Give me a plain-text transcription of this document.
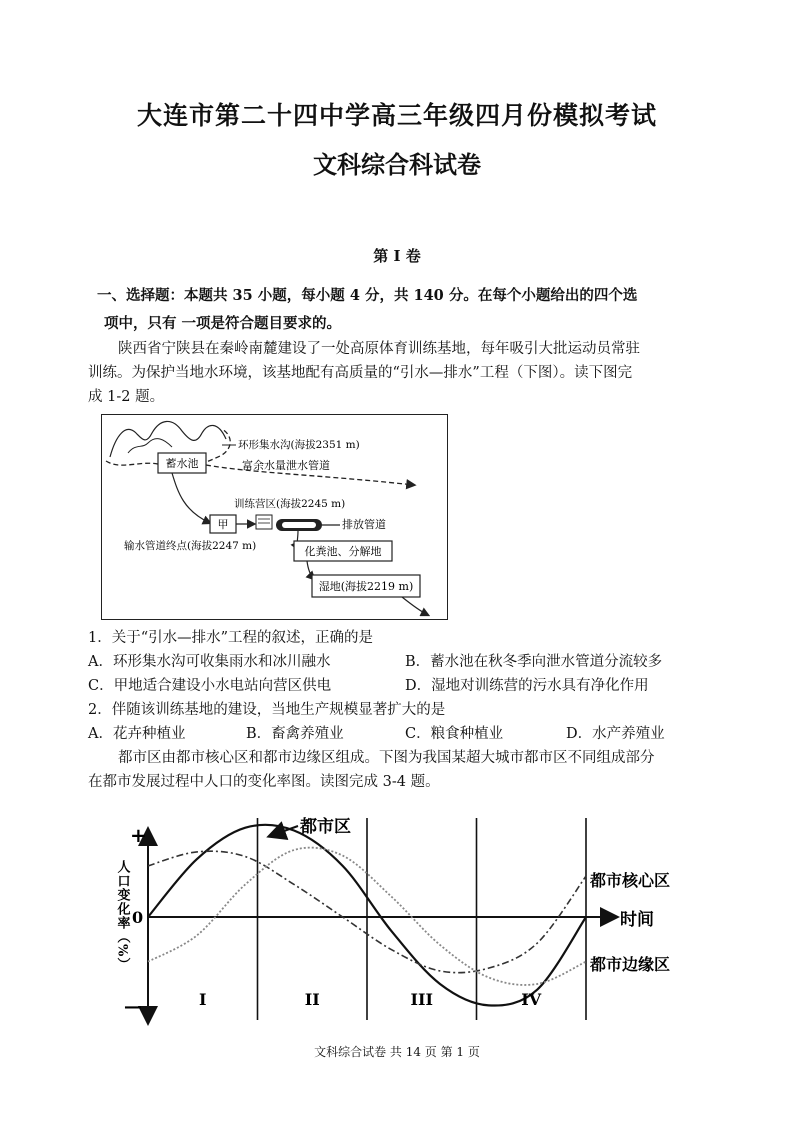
大连市第二十四中学高三年级四月份模拟考试
文科综合科试卷
第 I 卷
一、选择题：本题共 35 小题，每小题 4 分，共 140 分。在每个小题给出的四个选
项中，只有 一项是符合题目要求的。
陕西省宁陕县在秦岭南麓建设了一处高原体育训练基地，每年吸引大批运动员常驻
训练。为保护当地水环境，该基地配有高质量的“引水—排水”工程（下图）。读下图完
成 1-2 题。
环形集水沟(海拔2351 m)
蓄水池	富余水量泄水管道
训练营区(海拔2245 m)
甲	排放管道
输水管道终点(海拔2247 m)	化粪池、分解地
湿地(海拔2219 m)
1．关于“引水—排水”工程的叙述，正确的是
A．环形集水沟可收集雨水和冰川融水	B．蓄水池在秋冬季向泄水管道分流较多
C．甲地适合建设小水电站向营区供电	D．湿地对训练营的污水具有净化作用
2．伴随该训练基地的建设，当地生产规模显著扩大的是
A．花卉种植业	B．畜禽养殖业	C．粮食种植业	D．水产养殖业
都市区由都市核心区和都市边缘区组成。下图为我国某超大城市都市区不同组成部分
在都市发展过程中人口的变化率图。读图完成 3-4 题。
+
—
0
人口变化率（%）	时间
I	II	III	IV
都市区
都市核心区
都市边缘区
文科综合试卷 共 14 页 第 1 页
